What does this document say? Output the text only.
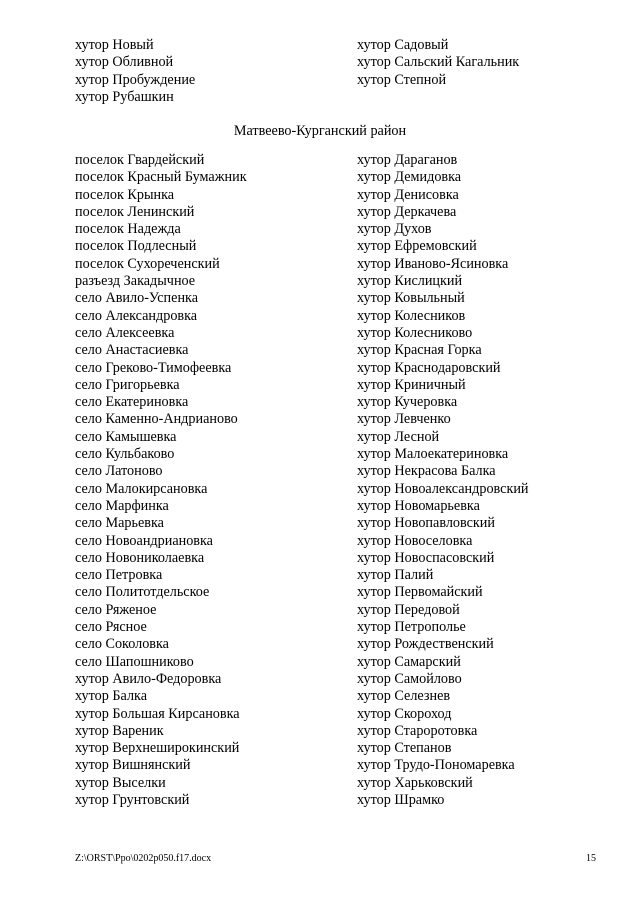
хутор Новый
хутор Обливной
хутор Пробуждение
хутор Рубашкин
хутор Садовый
хутор Сальский Кагальник
хутор Степной
Матвеево-Курганский район
поселок Гвардейский
поселок Красный Бумажник
поселок Крынка
поселок Ленинский
поселок Надежда
поселок Подлесный
поселок Сухореченский
разъезд Закадычное
село Авило-Успенка
село Александровка
село Алексеевка
село Анастасиевка
село Греково-Тимофеевка
село Григорьевка
село Екатериновка
село Каменно-Андрианово
село Камышевка
село Кульбаково
село Латоново
село Малокирсановка
село Марфинка
село Марьевка
село Новоандриановка
село Новониколаевка
село Петровка
село Политотдельское
село Ряженое
село Рясное
село Соколовка
село Шапошниково
хутор Авило-Федоровка
хутор Балка
хутор Большая Кирсановка
хутор Вареник
хутор Верхнеширокинский
хутор Вишнянский
хутор Выселки
хутор Грунтовский
хутор Дараганов
хутор Демидовка
хутор Денисовка
хутор Деркачева
хутор Духов
хутор Ефремовский
хутор Иваново-Ясиновка
хутор Кислицкий
хутор Ковыльный
хутор Колесников
хутор Колесниково
хутор Красная Горка
хутор Краснодаровский
хутор Криничный
хутор Кучеровка
хутор Левченко
хутор Лесной
хутор Малоекатериновка
хутор Некрасова Балка
хутор Новоалександровский
хутор Новомарьевка
хутор Новопавловский
хутор Новоселовка
хутор Новоспасовский
хутор Палий
хутор Первомайский
хутор Передовой
хутор Петрополье
хутор Рождественский
хутор Самарский
хутор Самойлово
хутор Селезнев
хутор Скороход
хутор Староротовка
хутор Степанов
хутор Трудо-Пономаревка
хутор Харьковский
хутор Шрамко
Z:\ORST\Ppo\0202p050.f17.docx	15
